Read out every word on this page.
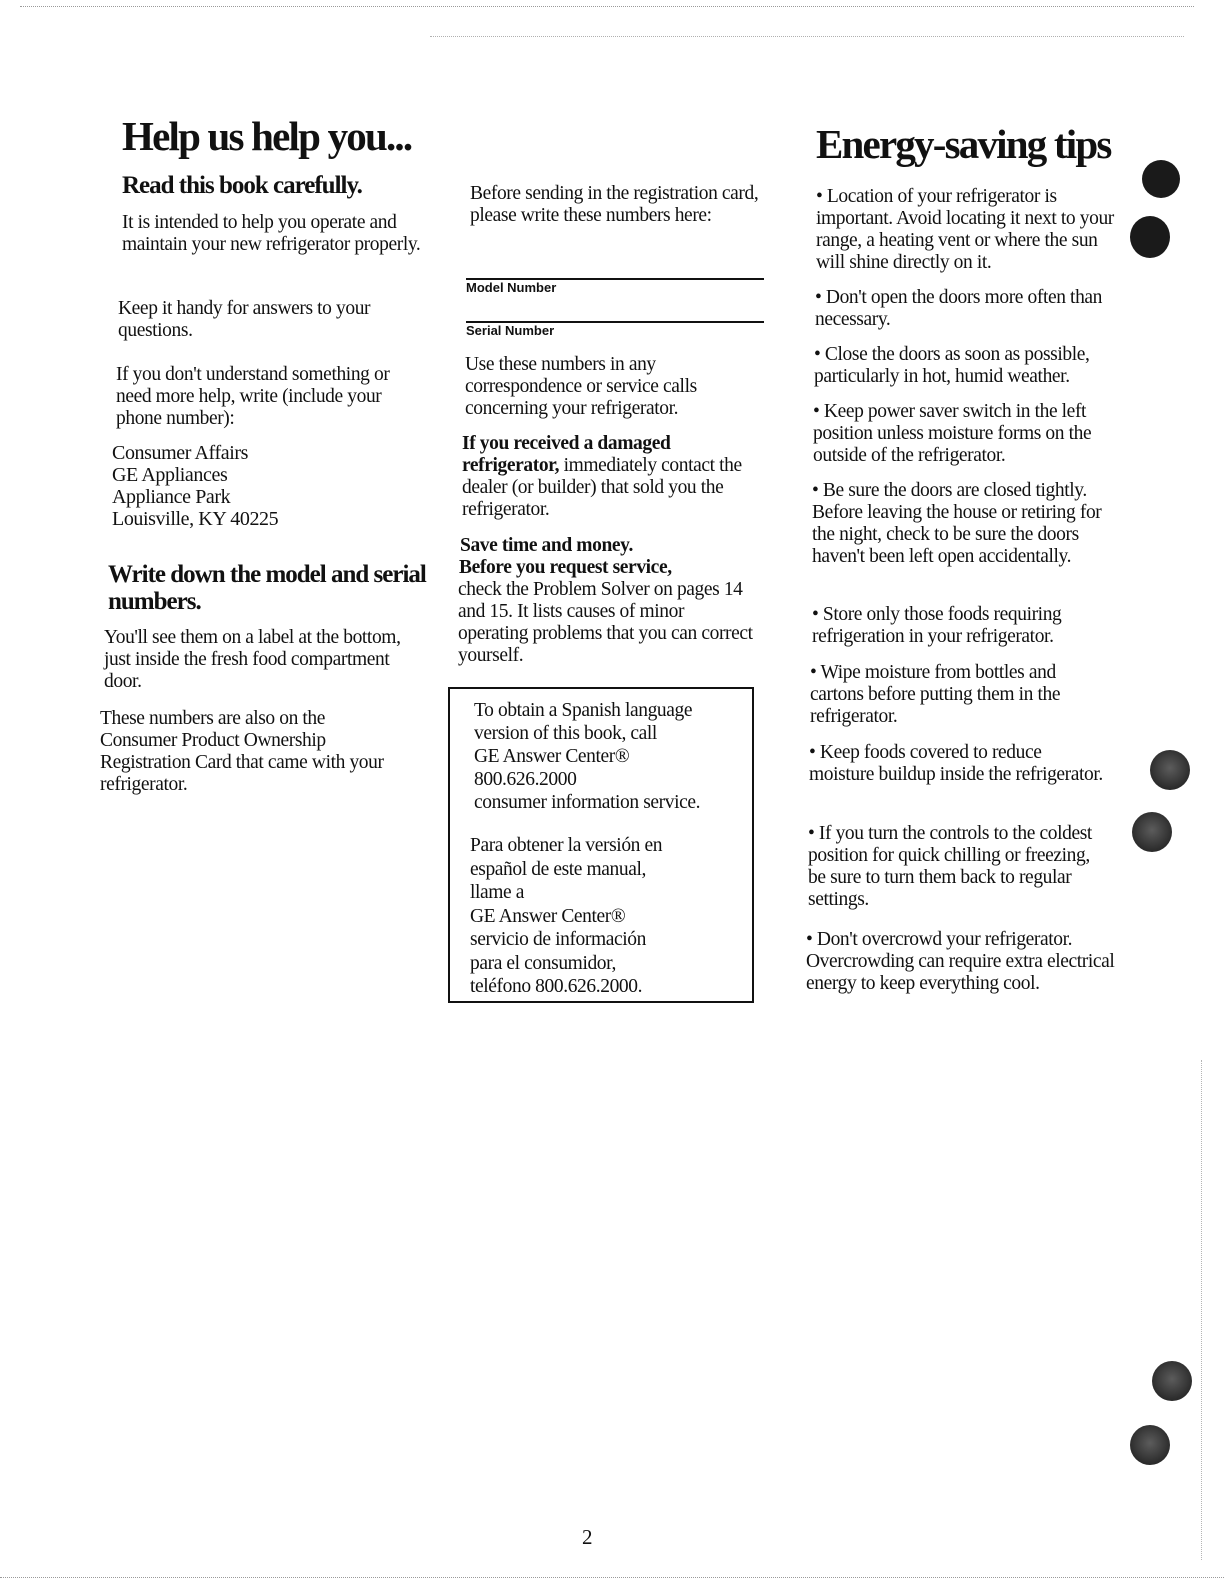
Help us help you...
Read this book carefully.

It is intended to help you operate and maintain your new refrigerator properly.

Keep it handy for answers to your questions.

If you don't understand something or need more help, write (include your phone number):

Consumer Affairs
GE Appliances
Appliance Park
Louisville, KY 40225
Write down the model and serial numbers.

You'll see them on a label at the bottom, just inside the fresh food compartment door.

These numbers are also on the Consumer Product Ownership Registration Card that came with your refrigerator.

Before sending in the registration card, please write these numbers here:

Model Number
Serial Number

Use these numbers in any correspondence or service calls concerning your refrigerator.

If you received a damaged refrigerator, immediately contact the dealer (or builder) that sold you the refrigerator.

Save time and money.

Before you request service,

check the Problem Solver on pages 14 and 15. It lists causes of minor operating problems that you can correct yourself.

To obtain a Spanish language
version of this book, call
GE Answer Center®
800.626.2000
consumer information service.
Para obtener la versión en
español de este manual,
llame a
GE Answer Center®
servicio de información
para el consumidor,
teléfono 800.626.2000.
Energy-saving tips

• Location of your refrigerator is important. Avoid locating it next to your range, a heating vent or where the sun will shine directly on it.

• Don't open the doors more often than necessary.

• Close the doors as soon as possible, particularly in hot, humid weather.

• Keep power saver switch in the left position unless moisture forms on the outside of the refrigerator.

• Be sure the doors are closed tightly. Before leaving the house or retiring for the night, check to be sure the doors haven't been left open accidentally.

• Store only those foods requiring refrigeration in your refrigerator.

• Wipe moisture from bottles and cartons before putting them in the refrigerator.

• Keep foods covered to reduce moisture buildup inside the refrigerator.

• If you turn the controls to the coldest position for quick chilling or freezing, be sure to turn them back to regular settings.

• Don't overcrowd your refrigerator. Overcrowding can require extra electrical energy to keep everything cool.

2
